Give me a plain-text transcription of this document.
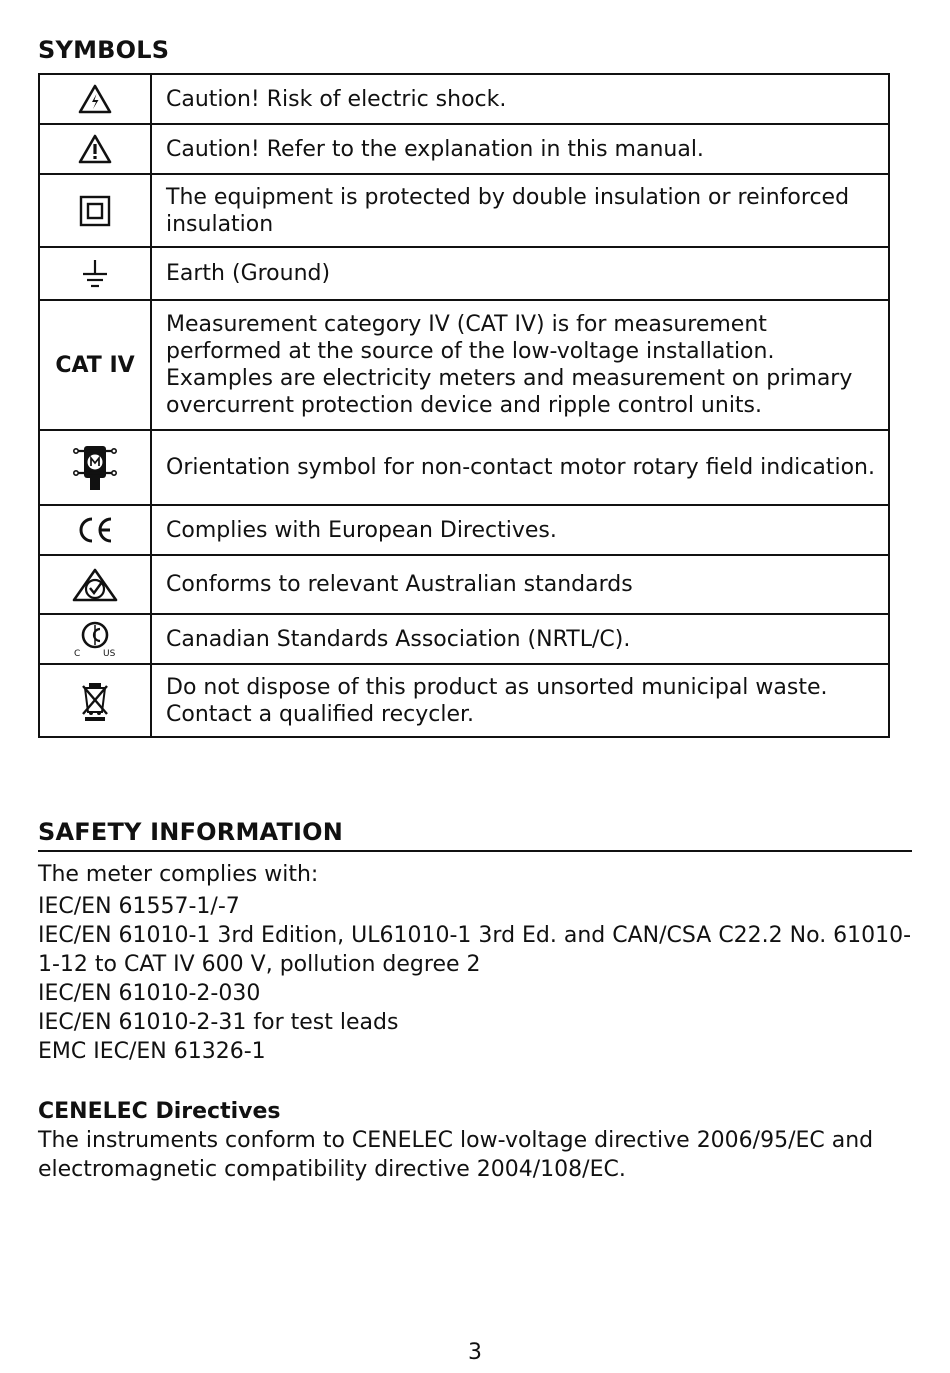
SYMBOLS
	Caution! Risk of electric shock.

	Caution! Refer to the explanation in this manual.

	The equipment is protected by double insulation or reinforced insulation

	Earth (Ground)
CAT IV	Measurement category IV (CAT IV) is for measurement performed at the source of the low-voltage installation. Examples are electricity meters and measurement on primary overcurrent protection device and ripple control units.

	Orientation symbol for non-contact motor rotary field indication.

	Complies with European Directives.

	Conforms to relevant Australian standards

C US	Canadian Standards Association (NRTL/C).

	Do not dispose of this product as unsorted municipal waste. Contact a qualified recycler.
SAFETY INFORMATION

The meter complies with:

IEC/EN 61557-1/-7
IEC/EN 61010-1 3rd Edition, UL61010-1 3rd Ed. and CAN/CSA C22.2 No. 61010-1-12 to CAT IV 600 V, pollution degree 2
IEC/EN 61010-2-030
IEC/EN 61010-2-31 for test leads
EMC IEC/EN 61326-1

CENELEC Directives

The instruments conform to CENELEC low-voltage directive 2006/95/EC and electromagnetic compatibility directive 2004/108/EC.

3
